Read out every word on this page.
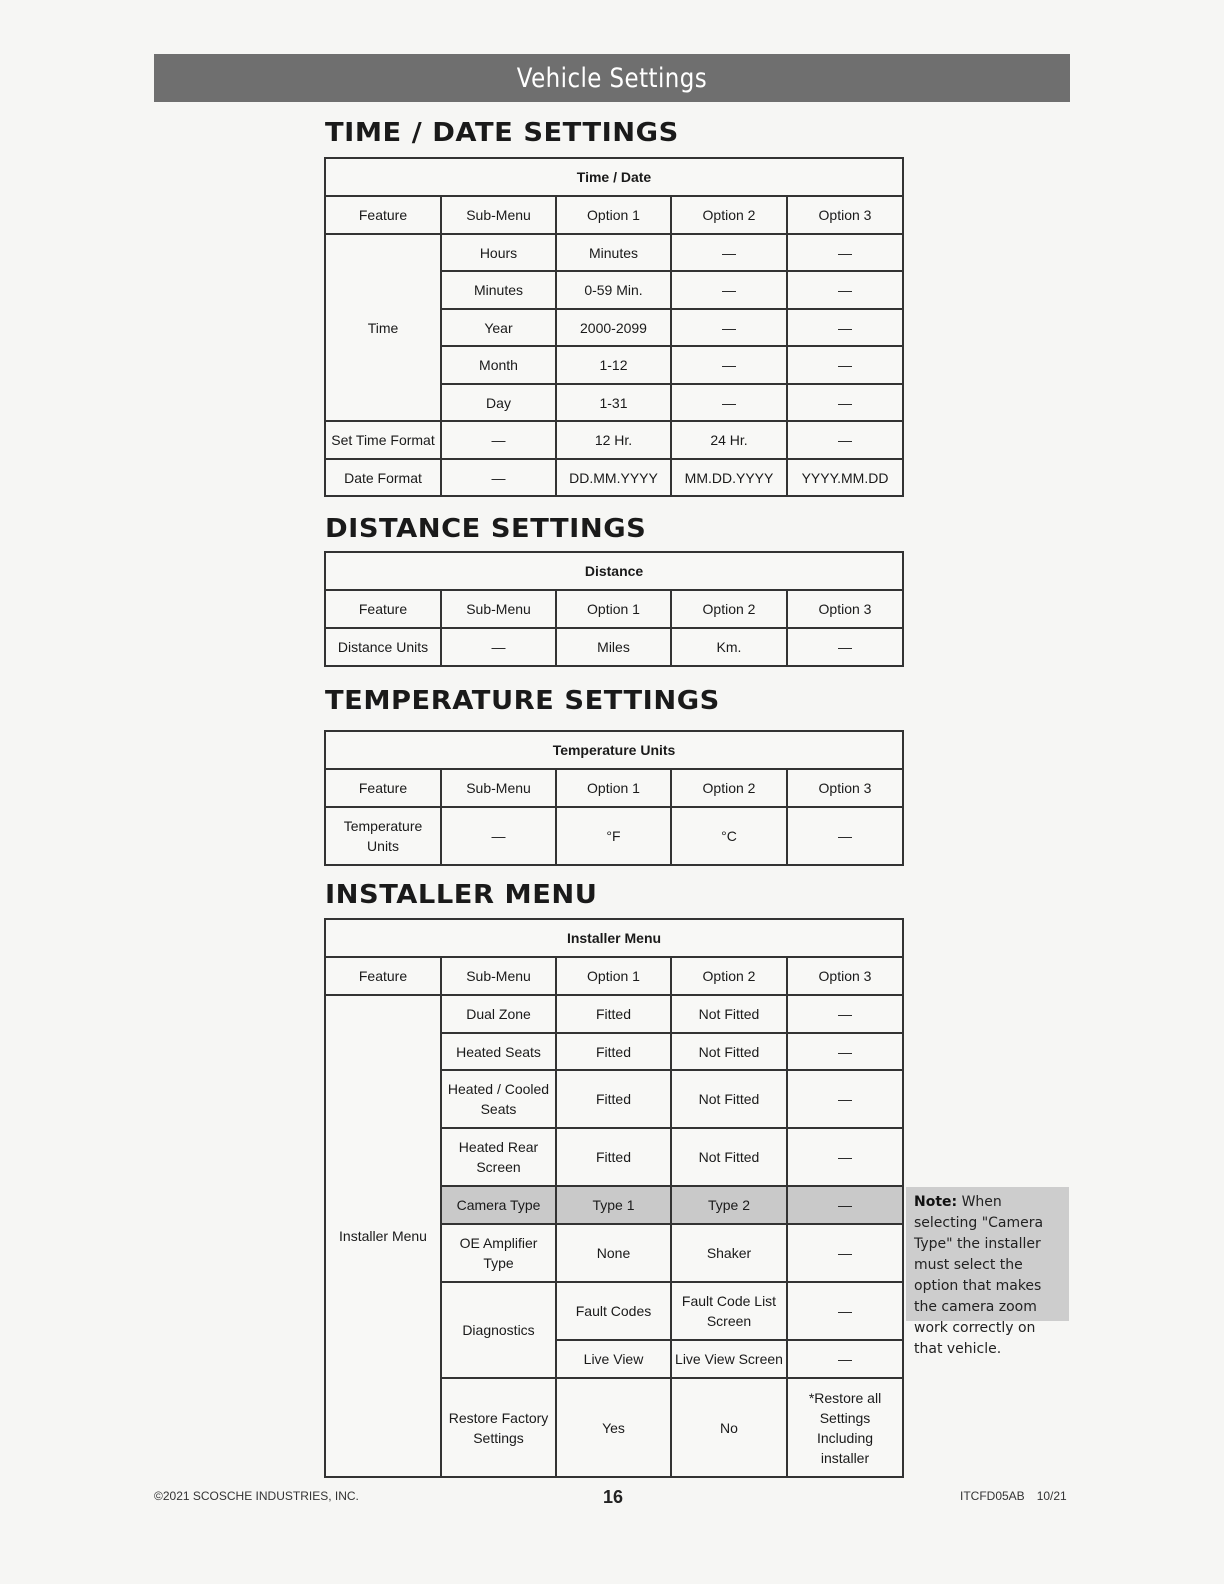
Vehicle Settings
TIME / DATE SETTINGS
Time / Date				
Feature	Sub-Menu	Option 1	Option 2	Option 3
Time	Hours	Minutes	—	—
	Minutes	0-59 Min.	—	—
	Year	2000-2099	—	—
	Month	1-12	—	—
	Day	1-31	—	—
Set Time Format	—	12 Hr.	24 Hr.	—
Date Format	—	DD.MM.YYYY	MM.DD.YYYY	YYYY.MM.DD
DISTANCE SETTINGS
Distance				
Feature	Sub-Menu	Option 1	Option 2	Option 3
Distance Units	—	Miles	Km.	—
TEMPERATURE SETTINGS
Temperature Units				
Feature	Sub-Menu	Option 1	Option 2	Option 3
Temperature Units	—	°F	°C	—
INSTALLER MENU
Installer Menu				
Feature	Sub-Menu	Option 1	Option 2	Option 3
Installer Menu	Dual Zone	Fitted	Not Fitted	—
	Heated Seats	Fitted	Not Fitted	—
	Heated / Cooled Seats	Fitted	Not Fitted	—
	Heated Rear Screen	Fitted	Not Fitted	—
	Camera Type	Type 1	Type 2	—
	OE Amplifier Type	None	Shaker	—
	Diagnostics	Fault Codes	Fault Code List Screen	—
		Live View	Live View Screen	—
	Restore Factory Settings	Yes	No	*Restore all Settings Including installer
Note: When selecting "Camera Type" the installer must select the option that makes the camera zoom work correctly on that vehicle.
©2021 SCOSCHE INDUSTRIES, INC.	16	ITCFD05AB 10/21
